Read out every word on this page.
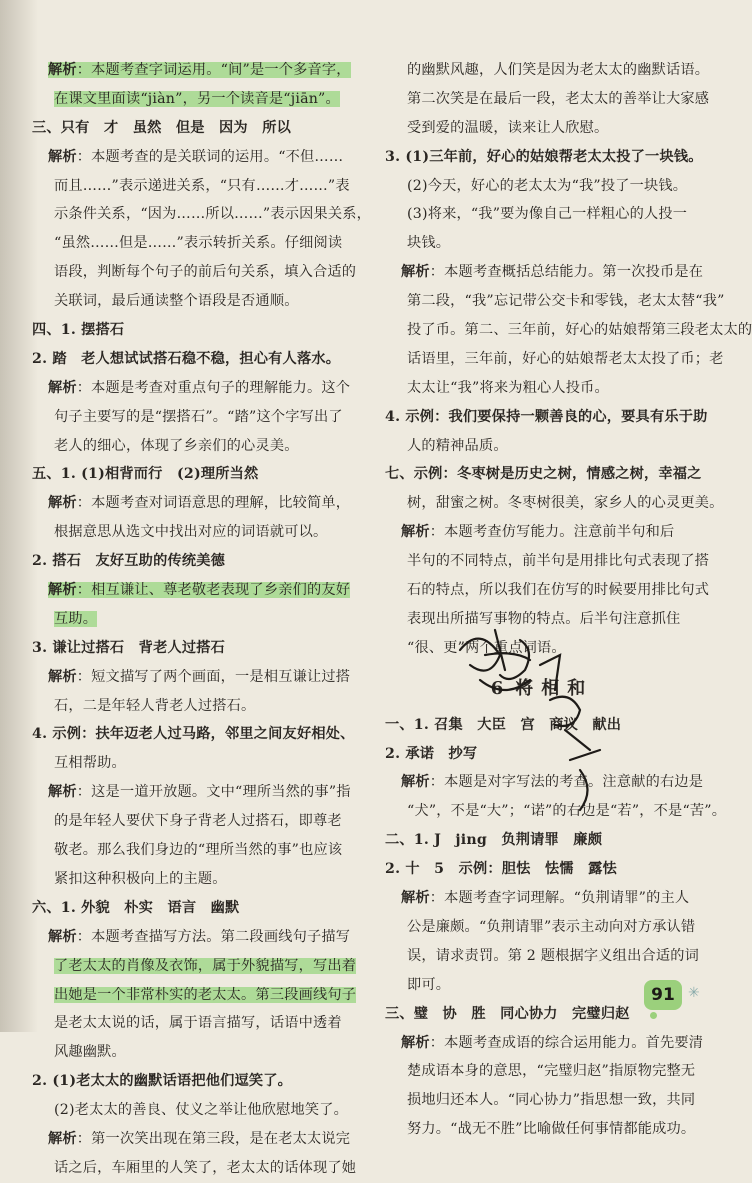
解析：本题考查字词运用。“间”是一个多音字，
在课文里面读“jiàn”，另一个读音是“jiān”。
三、只有　才　虽然　但是　因为　所以
解析：本题考查的是关联词的运用。“不但……
而且……”表示递进关系，“只有……才……”表
示条件关系，“因为……所以……”表示因果关系，
“虽然……但是……”表示转折关系。仔细阅读
语段，判断每个句子的前后句关系，填入合适的
关联词，最后通读整个语段是否通顺。
四、1. 摆搭石
2. 踏　老人想试试搭石稳不稳，担心有人落水。
解析：本题是考查对重点句子的理解能力。这个
句子主要写的是“摆搭石”。“踏”这个字写出了
老人的细心，体现了乡亲们的心灵美。
五、1. (1)相背而行　(2)理所当然
解析：本题考查对词语意思的理解，比较简单，
根据意思从选文中找出对应的词语就可以。
2. 搭石　友好互助的传统美德
解析：相互谦让、尊老敬老表现了乡亲们的友好
互助。
3. 谦让过搭石　背老人过搭石
解析：短文描写了两个画面，一是相互谦让过搭
石，二是年轻人背老人过搭石。
4. 示例：扶年迈老人过马路，邻里之间友好相处、
互相帮助。
解析：这是一道开放题。文中“理所当然的事”指
的是年轻人要伏下身子背老人过搭石，即尊老
敬老。那么我们身边的“理所当然的事”也应该
紧扣这种积极向上的主题。
六、1. 外貌　朴实　语言　幽默
解析：本题考查描写方法。第二段画线句子描写
了老太太的肖像及衣饰，属于外貌描写，写出着
出她是一个非常朴实的老太太。第三段画线句子
是老太太说的话，属于语言描写，话语中透着
风趣幽默。
2. (1)老太太的幽默话语把他们逗笑了。
(2)老太太的善良、仗义之举让他欣慰地笑了。
解析：第一次笑出现在第三段，是在老太太说完
话之后，车厢里的人笑了，老太太的话体现了她
的幽默风趣，人们笑是因为老太太的幽默话语。
第二次笑是在最后一段，老太太的善举让大家感
受到爱的温暖，读来让人欣慰。
3. (1)三年前，好心的姑娘帮老太太投了一块钱。
(2)今天，好心的老太太为“我”投了一块钱。
(3)将来，“我”要为像自己一样粗心的人投一
块钱。
解析：本题考查概括总结能力。第一次投币是在
第二段，“我”忘记带公交卡和零钱，老太太替“我”
投了币。第二、三年前，好心的姑娘帮第三段老太太的
话语里，三年前，好心的姑娘帮老太太投了币；老
太太让“我”将来为粗心人投币。
4. 示例：我们要保持一颗善良的心，要具有乐于助
人的精神品质。
七、示例：冬枣树是历史之树，情感之树，幸福之
树，甜蜜之树。冬枣树很美，家乡人的心灵更美。
解析：本题考查仿写能力。注意前半句和后
半句的不同特点，前半句是用排比句式表现了搭
石的特点，所以我们在仿写的时候要用排比句式
表现出所描写事物的特点。后半句注意抓住
“很、更”两个重点词语。
6 将相和
一、1. 召集　大臣　宫　商议　献出
2. 承诺　抄写
解析：本题是对字写法的考查。注意献的右边是
“犬”，不是“大”；“诺”的右边是“若”，不是“苦”。
二、1. J　jing　负荆请罪　廉颇
2. 十　5　示例：胆怯　怯懦　露怯
解析：本题考查字词理解。“负荆请罪”的主人
公是廉颇。“负荆请罪”表示主动向对方承认错
误，请求责罚。第 2 题根据字义组出合适的词
即可。
三、璧　协　胜　同心协力　完璧归赵
解析：本题考查成语的综合运用能力。首先要清
楚成语本身的意思，“完璧归赵”指原物完整无
损地归还本人。“同心协力”指思想一致，共同
努力。“战无不胜”比喻做任何事情都能成功。
91 ✳
